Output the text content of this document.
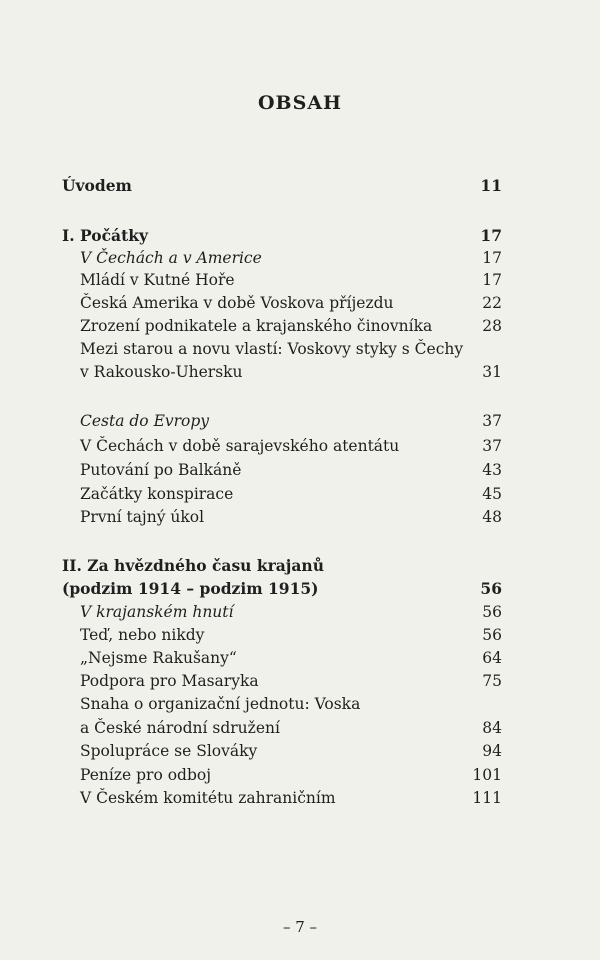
OBSAH
Úvodem	11
I. Počátky	17
V Čechách a v Americe	17
Mládí v Kutné Hoře	17
Česká Amerika v době Voskova příjezdu	22
Zrození podnikatele a krajanského činovníka	28
Mezi starou a novu vlastí: Voskovy styky s Čechy
v Rakousko-Uhersku	31
Cesta do Evropy	37
V Čechách v době sarajevského atentátu	37
Putování po Balkáně	43
Začátky konspirace	45
První tajný úkol	48
II. Za hvězdného času krajanů
(podzim 1914 – podzim 1915)	56
V krajanském hnutí	56
Teď, nebo nikdy	56
„Nejsme Rakušany“	64
Podpora pro Masaryka	75
Snaha o organizační jednotu: Voska
a České národní sdružení	84
Spolupráce se Slováky	94
Peníze pro odboj	101
V Českém komitétu zahraničním	111
– 7 –
